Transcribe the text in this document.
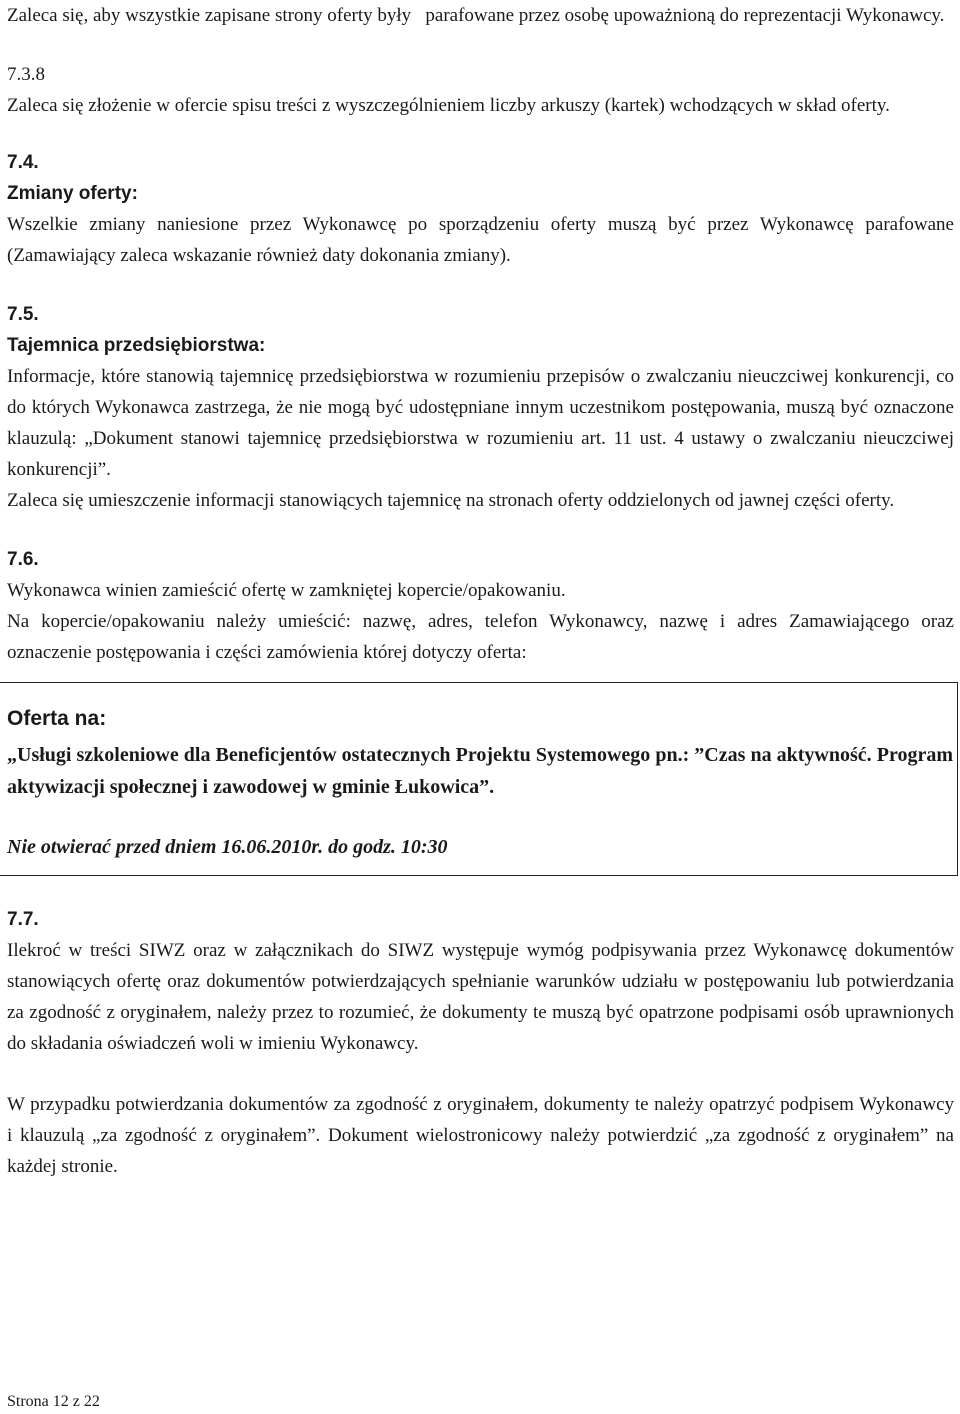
Zaleca się, aby wszystkie zapisane strony oferty były parafowane przez osobę upoważnioną do reprezentacji Wykonawcy.

7.3.8

Zaleca się złożenie w ofercie spisu treści z wyszczególnieniem liczby arkuszy (kartek) wchodzących w skład oferty.

7.4.

Zmiany oferty:

Wszelkie zmiany naniesione przez Wykonawcę po sporządzeniu oferty muszą być przez Wykonawcę parafowane (Zamawiający zaleca wskazanie również daty dokonania zmiany).

7.5.

Tajemnica przedsiębiorstwa:

Informacje, które stanowią tajemnicę przedsiębiorstwa w rozumieniu przepisów o zwalczaniu nieuczciwej konkurencji, co do których Wykonawca zastrzega, że nie mogą być udostępniane innym uczestnikom postępowania, muszą być oznaczone klauzulą: „Dokument stanowi tajemnicę przedsiębiorstwa w rozumieniu art. 11 ust. 4 ustawy o zwalczaniu nieuczciwej konkurencji”.

Zaleca się umieszczenie informacji stanowiących tajemnicę na stronach oferty oddzielonych od jawnej części oferty.

7.6.

Wykonawca winien zamieścić ofertę w zamkniętej kopercie/opakowaniu.

Na kopercie/opakowaniu należy umieścić: nazwę, adres, telefon Wykonawcy, nazwę i adres Zamawiającego oraz oznaczenie postępowania i części zamówienia której dotyczy oferta:

Oferta na:

„Usługi szkoleniowe dla Beneficjentów ostatecznych Projektu Systemowego pn.: ”Czas na aktywność. Program aktywizacji społecznej i zawodowej w gminie Łukowica”.

Nie otwierać przed dniem 16.06.2010r. do godz. 10:30

7.7.

Ilekroć w treści SIWZ oraz w załącznikach do SIWZ występuje wymóg podpisywania przez Wykonawcę dokumentów stanowiących ofertę oraz dokumentów potwierdzających spełnianie warunków udziału w postępowaniu lub potwierdzania za zgodność z oryginałem, należy przez to rozumieć, że dokumenty te muszą być opatrzone podpisami osób uprawnionych do składania oświadczeń woli w imieniu Wykonawcy.

W przypadku potwierdzania dokumentów za zgodność z oryginałem, dokumenty te należy opatrzyć podpisem Wykonawcy i klauzulą „za zgodność z oryginałem”. Dokument wielostronicowy należy potwierdzić „za zgodność z oryginałem” na każdej stronie.

Strona 12 z 22
